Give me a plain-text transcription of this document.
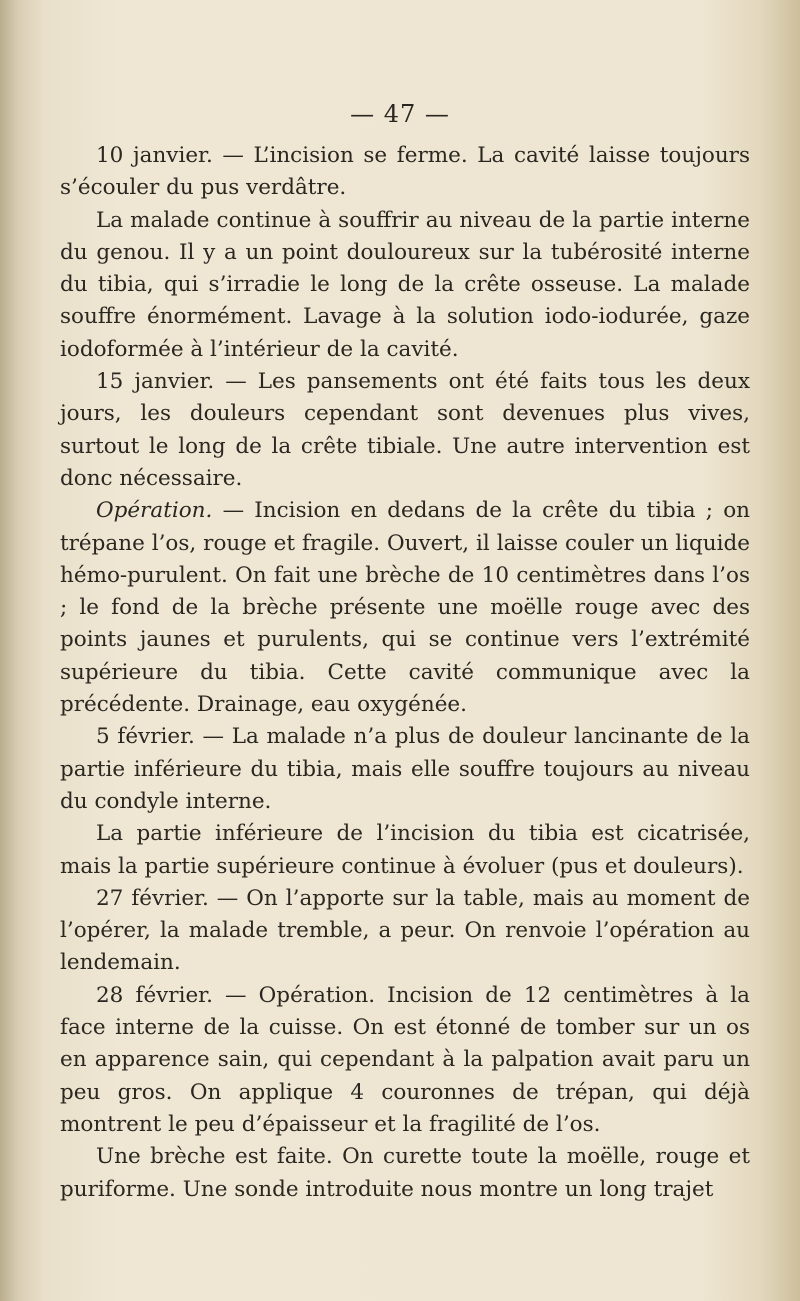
— 47 —

10 janvier. — L’incision se ferme. La cavité laisse toujours s’écouler du pus verdâtre.

La malade continue à souffrir au niveau de la partie interne du genou. Il y a un point douloureux sur la tubérosité interne du tibia, qui s’irradie le long de la crête osseuse. La malade souffre énormément. Lavage à la solution iodo-iodurée, gaze iodoformée à l’intérieur de la cavité.

15 janvier. — Les pansements ont été faits tous les deux jours, les douleurs cependant sont devenues plus vives, surtout le long de la crête tibiale. Une autre intervention est donc nécessaire.

Opération. — Incision en dedans de la crête du tibia ; on trépane l’os, rouge et fragile. Ouvert, il laisse couler un liquide hémo-purulent. On fait une brèche de 10 centimètres dans l’os ; le fond de la brèche présente une moëlle rouge avec des points jaunes et purulents, qui se continue vers l’extrémité supérieure du tibia. Cette cavité communique avec la précédente. Drainage, eau oxygénée.

5 février. — La malade n’a plus de douleur lancinante de la partie inférieure du tibia, mais elle souffre toujours au niveau du condyle interne.

La partie inférieure de l’incision du tibia est cicatrisée, mais la partie supérieure continue à évoluer (pus et douleurs).

27 février. — On l’apporte sur la table, mais au moment de l’opérer, la malade tremble, a peur. On renvoie l’opération au lendemain.

28 février. — Opération. Incision de 12 centimètres à la face interne de la cuisse. On est étonné de tomber sur un os en apparence sain, qui cependant à la palpation avait paru un peu gros. On applique 4 couronnes de trépan, qui déjà montrent le peu d’épaisseur et la fragilité de l’os.

Une brèche est faite. On curette toute la moëlle, rouge et puriforme. Une sonde introduite nous montre un long trajet
